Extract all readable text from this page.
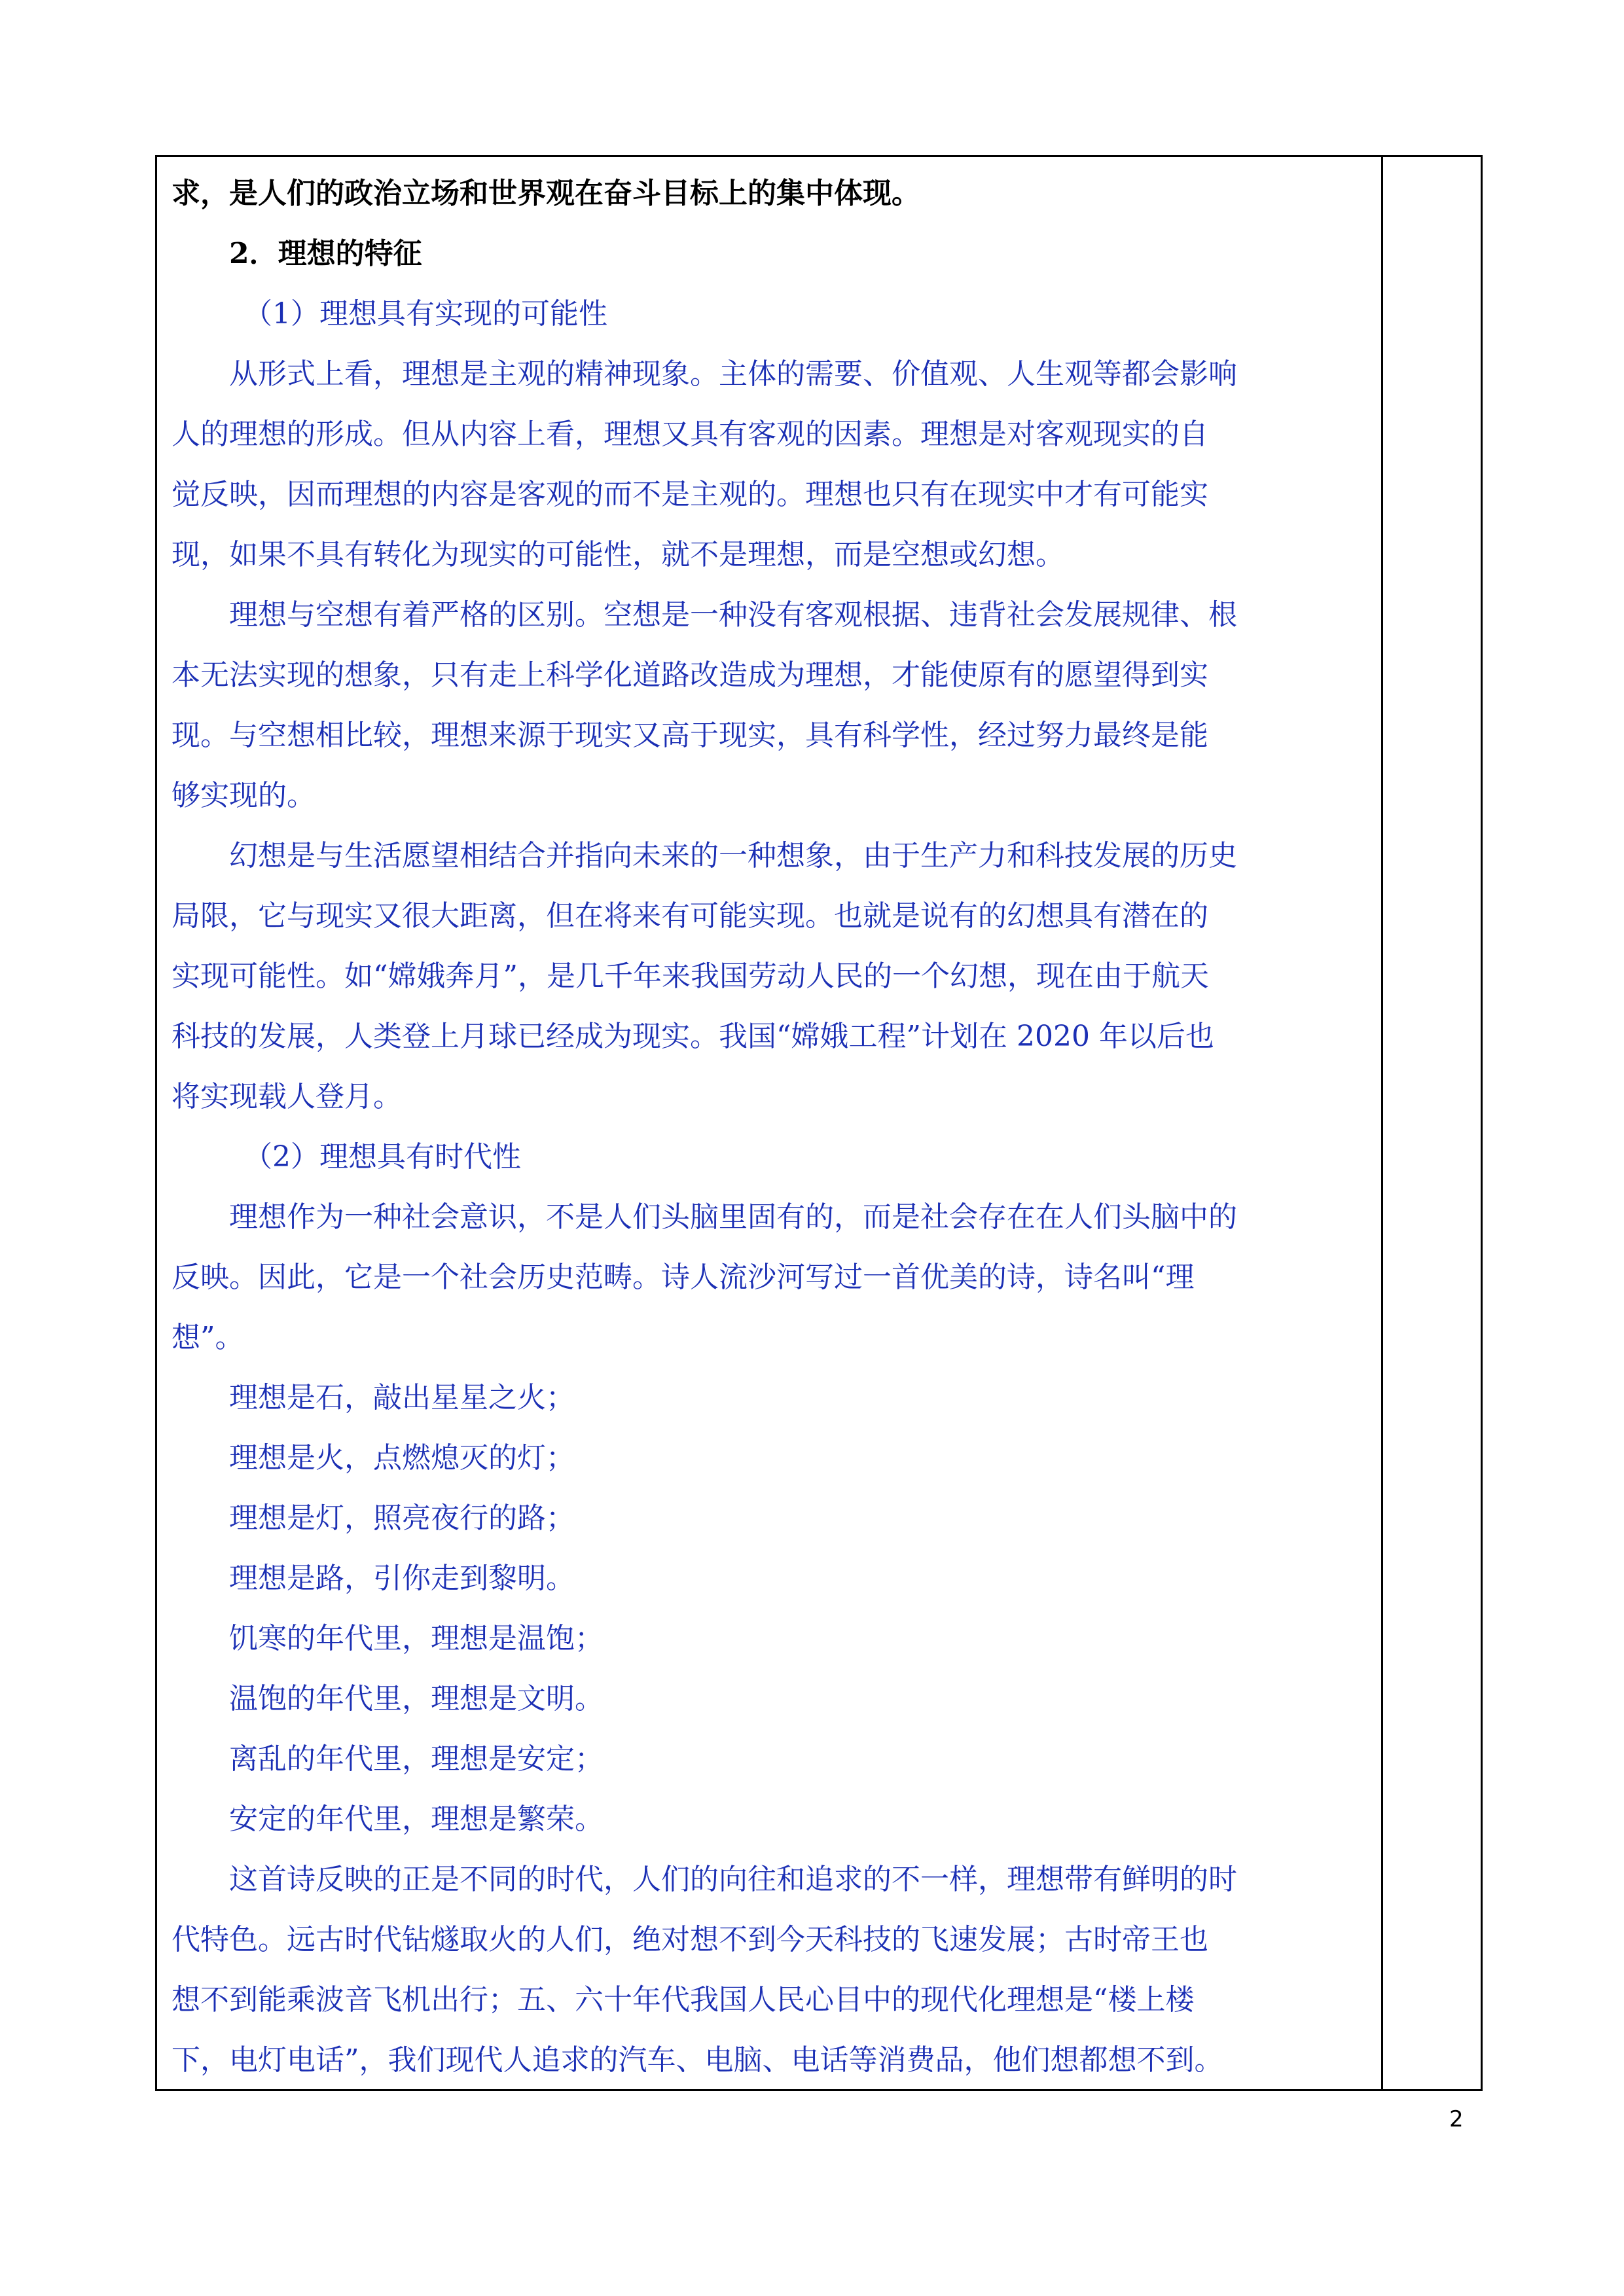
求，是人们的政治立场和世界观在奋斗目标上的集中体现。
2．理想的特征
（1）理想具有实现的可能性
从形式上看，理想是主观的精神现象。主体的需要、价值观、人生观等都会影响
人的理想的形成。但从内容上看，理想又具有客观的因素。理想是对客观现实的自
觉反映，因而理想的内容是客观的而不是主观的。理想也只有在现实中才有可能实
现，如果不具有转化为现实的可能性，就不是理想，而是空想或幻想。
理想与空想有着严格的区别。空想是一种没有客观根据、违背社会发展规律、根
本无法实现的想象，只有走上科学化道路改造成为理想，才能使原有的愿望得到实
现。与空想相比较，理想来源于现实又高于现实，具有科学性，经过努力最终是能
够实现的。
幻想是与生活愿望相结合并指向未来的一种想象，由于生产力和科技发展的历史
局限，它与现实又很大距离，但在将来有可能实现。也就是说有的幻想具有潜在的
实现可能性。如“嫦娥奔月”，是几千年来我国劳动人民的一个幻想，现在由于航天
科技的发展，人类登上月球已经成为现实。我国“嫦娥工程”计划在 2020 年以后也
将实现载人登月。
（2）理想具有时代性
理想作为一种社会意识，不是人们头脑里固有的，而是社会存在在人们头脑中的
反映。因此，它是一个社会历史范畴。诗人流沙河写过一首优美的诗，诗名叫“理
想”。
理想是石，敲出星星之火；
理想是火，点燃熄灭的灯；
理想是灯，照亮夜行的路；
理想是路，引你走到黎明。
饥寒的年代里，理想是温饱；
温饱的年代里，理想是文明。
离乱的年代里，理想是安定；
安定的年代里，理想是繁荣。
这首诗反映的正是不同的时代，人们的向往和追求的不一样，理想带有鲜明的时
代特色。远古时代钻燧取火的人们，绝对想不到今天科技的飞速发展；古时帝王也
想不到能乘波音飞机出行；五、六十年代我国人民心目中的现代化理想是“楼上楼
下，电灯电话”，我们现代人追求的汽车、电脑、电话等消费品，他们想都想不到。
2
